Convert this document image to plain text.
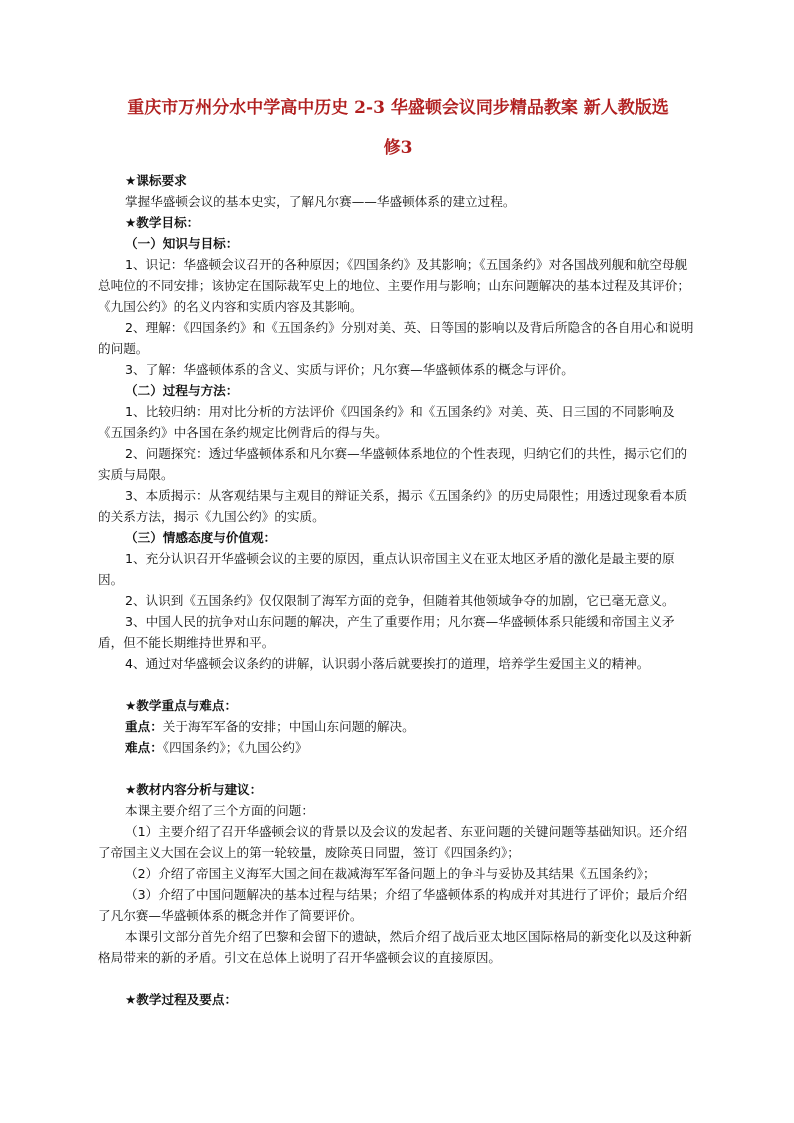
重庆市万州分水中学高中历史 2-3 华盛顿会议同步精品教案 新人教版选
修3

★课标要求

掌握华盛顿会议的基本史实，了解凡尔赛——华盛顿体系的建立过程。

★教学目标：

（一）知识与目标：

1、识记：华盛顿会议召开的各种原因；《四国条约》及其影响；《五国条约》对各国战列舰和航空母舰总吨位的不同安排；该协定在国际裁军史上的地位、主要作用与影响；山东问题解决的基本过程及其评价；《九国公约》的名义内容和实质内容及其影响。

2、理解：《四国条约》和《五国条约》分别对美、英、日等国的影响以及背后所隐含的各自用心和说明的问题。

3、了解：华盛顿体系的含义、实质与评价；凡尔赛—华盛顿体系的概念与评价。

（二）过程与方法：

1、比较归纳：用对比分析的方法评价《四国条约》和《五国条约》对美、英、日三国的不同影响及《五国条约》中各国在条约规定比例背后的得与失。

2、问题探究：透过华盛顿体系和凡尔赛—华盛顿体系地位的个性表现，归纳它们的共性，揭示它们的实质与局限。

3、本质揭示：从客观结果与主观目的辩证关系，揭示《五国条约》的历史局限性；用透过现象看本质的关系方法，揭示《九国公约》的实质。

（三）情感态度与价值观：

1、充分认识召开华盛顿会议的主要的原因，重点认识帝国主义在亚太地区矛盾的激化是最主要的原因。

2、认识到《五国条约》仅仅限制了海军方面的竞争，但随着其他领域争夺的加剧，它已毫无意义。

3、中国人民的抗争对山东问题的解决，产生了重要作用；凡尔赛—华盛顿体系只能缓和帝国主义矛盾，但不能长期维持世界和平。

4、通过对华盛顿会议条约的讲解，认识弱小落后就要挨打的道理，培养学生爱国主义的精神。

★教学重点与难点：

重点：关于海军军备的安排；中国山东问题的解决。

难点：《四国条约》；《九国公约》

★教材内容分析与建议：

本课主要介绍了三个方面的问题：

（1）主要介绍了召开华盛顿会议的背景以及会议的发起者、东亚问题的关键问题等基础知识。还介绍了帝国主义大国在会议上的第一轮较量，废除英日同盟，签订《四国条约》；

（2）介绍了帝国主义海军大国之间在裁减海军军备问题上的争斗与妥协及其结果《五国条约》；

（3）介绍了中国问题解决的基本过程与结果；介绍了华盛顿体系的构成并对其进行了评价；最后介绍了凡尔赛—华盛顿体系的概念并作了简要评价。

本课引文部分首先介绍了巴黎和会留下的遗缺，然后介绍了战后亚太地区国际格局的新变化以及这种新格局带来的新的矛盾。引文在总体上说明了召开华盛顿会议的直接原因。

★教学过程及要点：
